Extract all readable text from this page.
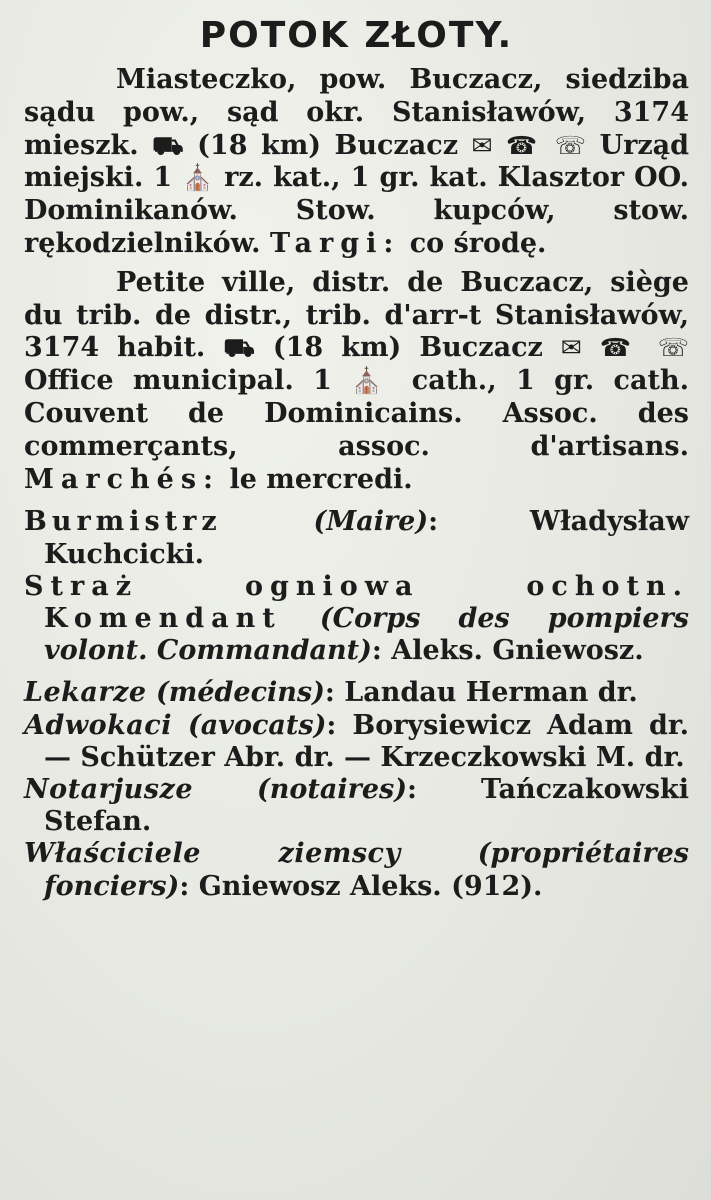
POTOK ZŁOTY.

Miasteczko, pow. Buczacz, siedziba sądu pow., sąd okr. Stanisławów, 3174 mieszk. ⛟ (18 km) Buczacz ✉ ☎ ☏ Urząd miejski. 1 ⛪ rz. kat., 1 gr. kat. Klasztor OO. Dominikanów. Stow. kupców, stow. rękodzielników. Targi: co środę.

Petite ville, distr. de Buczacz, siège du trib. de distr., trib. d'arr-t Stanisławów, 3174 habit. ⛟ (18 km) Buczacz ✉ ☎ ☏ Office municipal. 1 ⛪ cath., 1 gr. cath. Couvent de Dominicains. Assoc. des commerçants, assoc. d'artisans. Marchés: le mercredi.

Burmistrz	(Maire): Władysław Kuchcicki.

Straż ogniowa ochotn. Komendant (Corps des pompiers volont. Commandant): Aleks. Gniewosz.

Lekarze (médecins): Landau Herman dr.

Adwokaci (avocats): Borysiewicz Adam dr. — Schützer Abr. dr. — Krzeczkowski M. dr.

Notarjusze (notaires): Tańczakowski Stefan.

Właściciele ziemscy	(propriétaires fonciers): Gniewosz Aleks. (912).
